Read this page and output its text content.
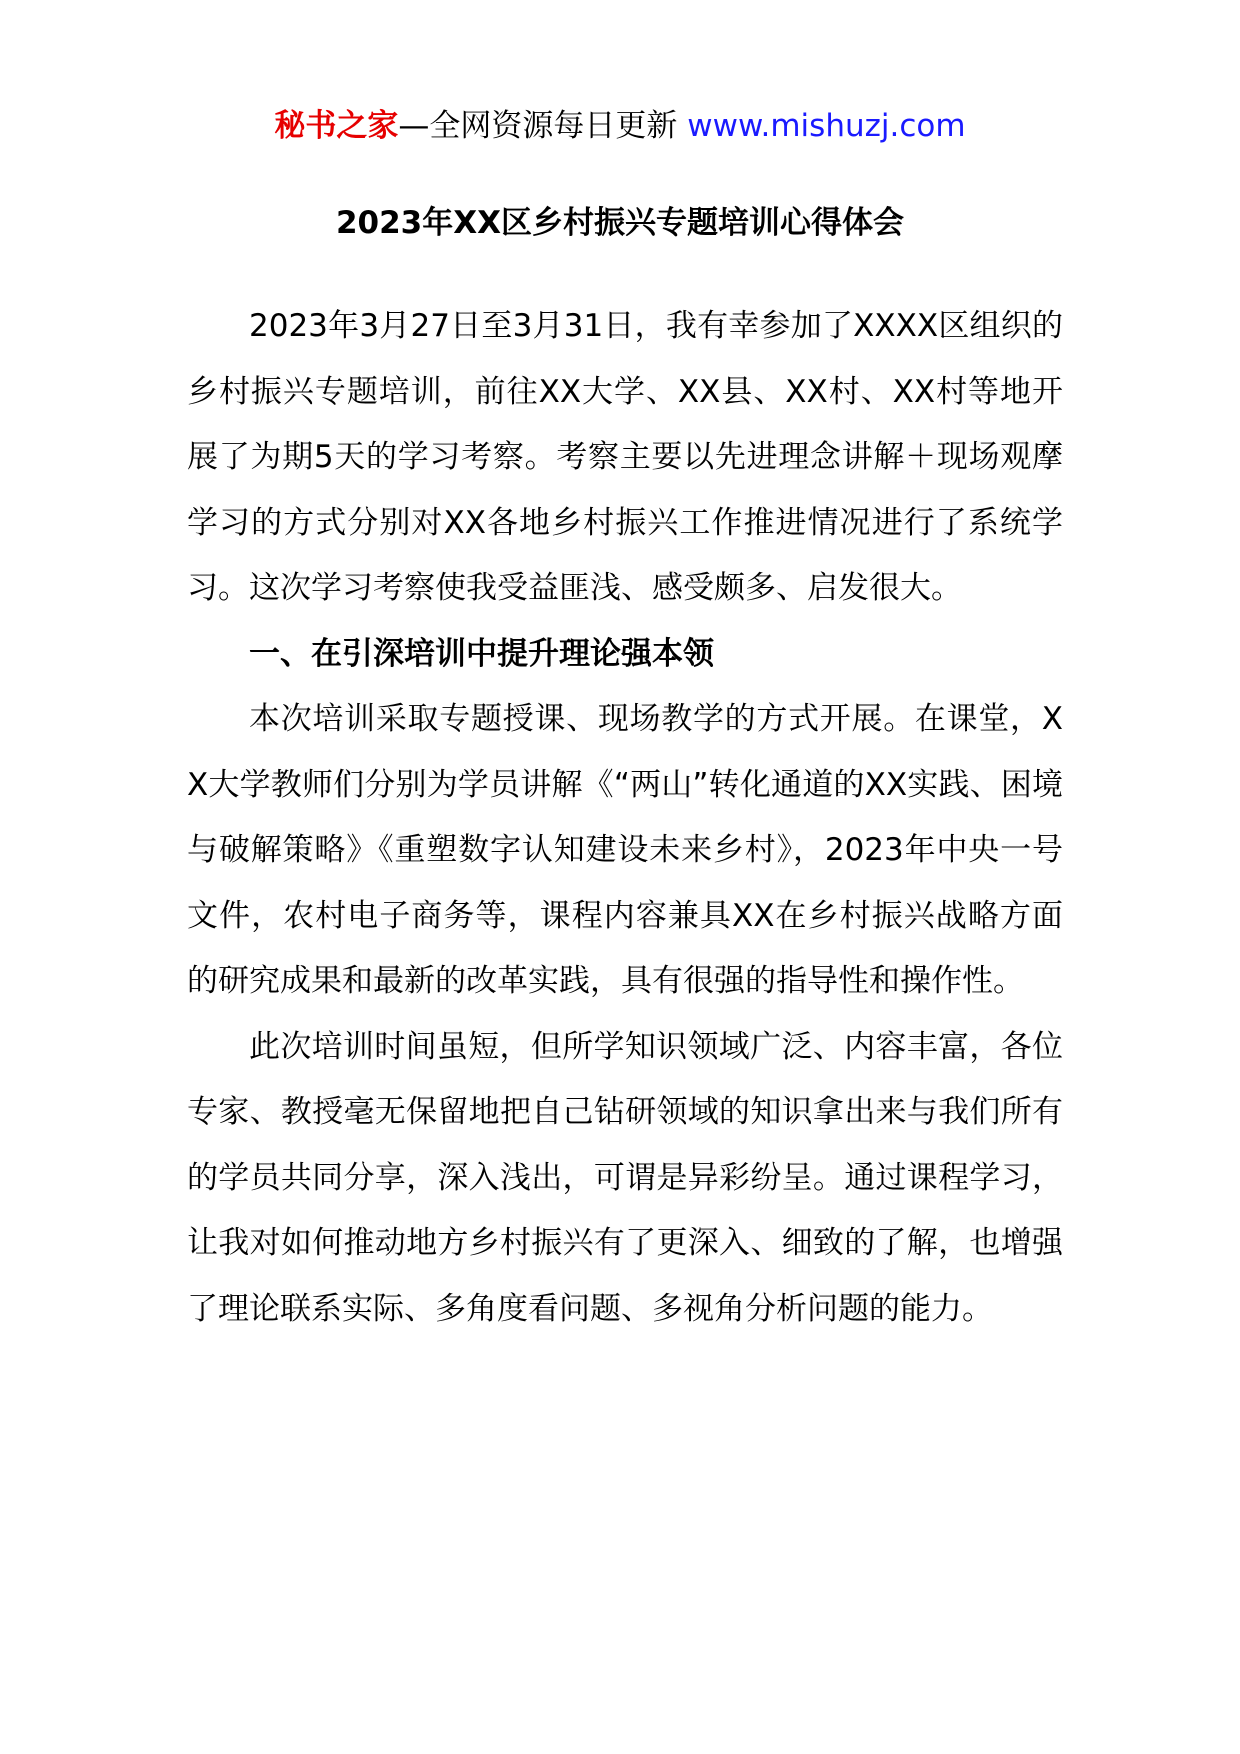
秘书之家—全网资源每日更新 www.mishuzj.com
2023年XX区乡村振兴专题培训心得体会

2023年3月27日至3月31日，我有幸参加了XXXX区组织的乡村振兴专题培训，前往XX大学、XX县、XX村、XX村等地开展了为期5天的学习考察。考察主要以先进理念讲解＋现场观摩学习的方式分别对XX各地乡村振兴工作推进情况进行了系统学习。这次学习考察使我受益匪浅、感受颇多、启发很大。

一、在引深培训中提升理论强本领

本次培训采取专题授课、现场教学的方式开展。在课堂，XX大学教师们分别为学员讲解《“两山”转化通道的XX实践、困境与破解策略》《重塑数字认知建设未来乡村》，2023年中央一号文件，农村电子商务等，课程内容兼具XX在乡村振兴战略方面的研究成果和最新的改革实践，具有很强的指导性和操作性。

此次培训时间虽短，但所学知识领域广泛、内容丰富，各位专家、教授毫无保留地把自己钻研领域的知识拿出来与我们所有的学员共同分享，深入浅出，可谓是异彩纷呈。通过课程学习，让我对如何推动地方乡村振兴有了更深入、细致的了解，也增强了理论联系实际、多角度看问题、多视角分析问题的能力。
